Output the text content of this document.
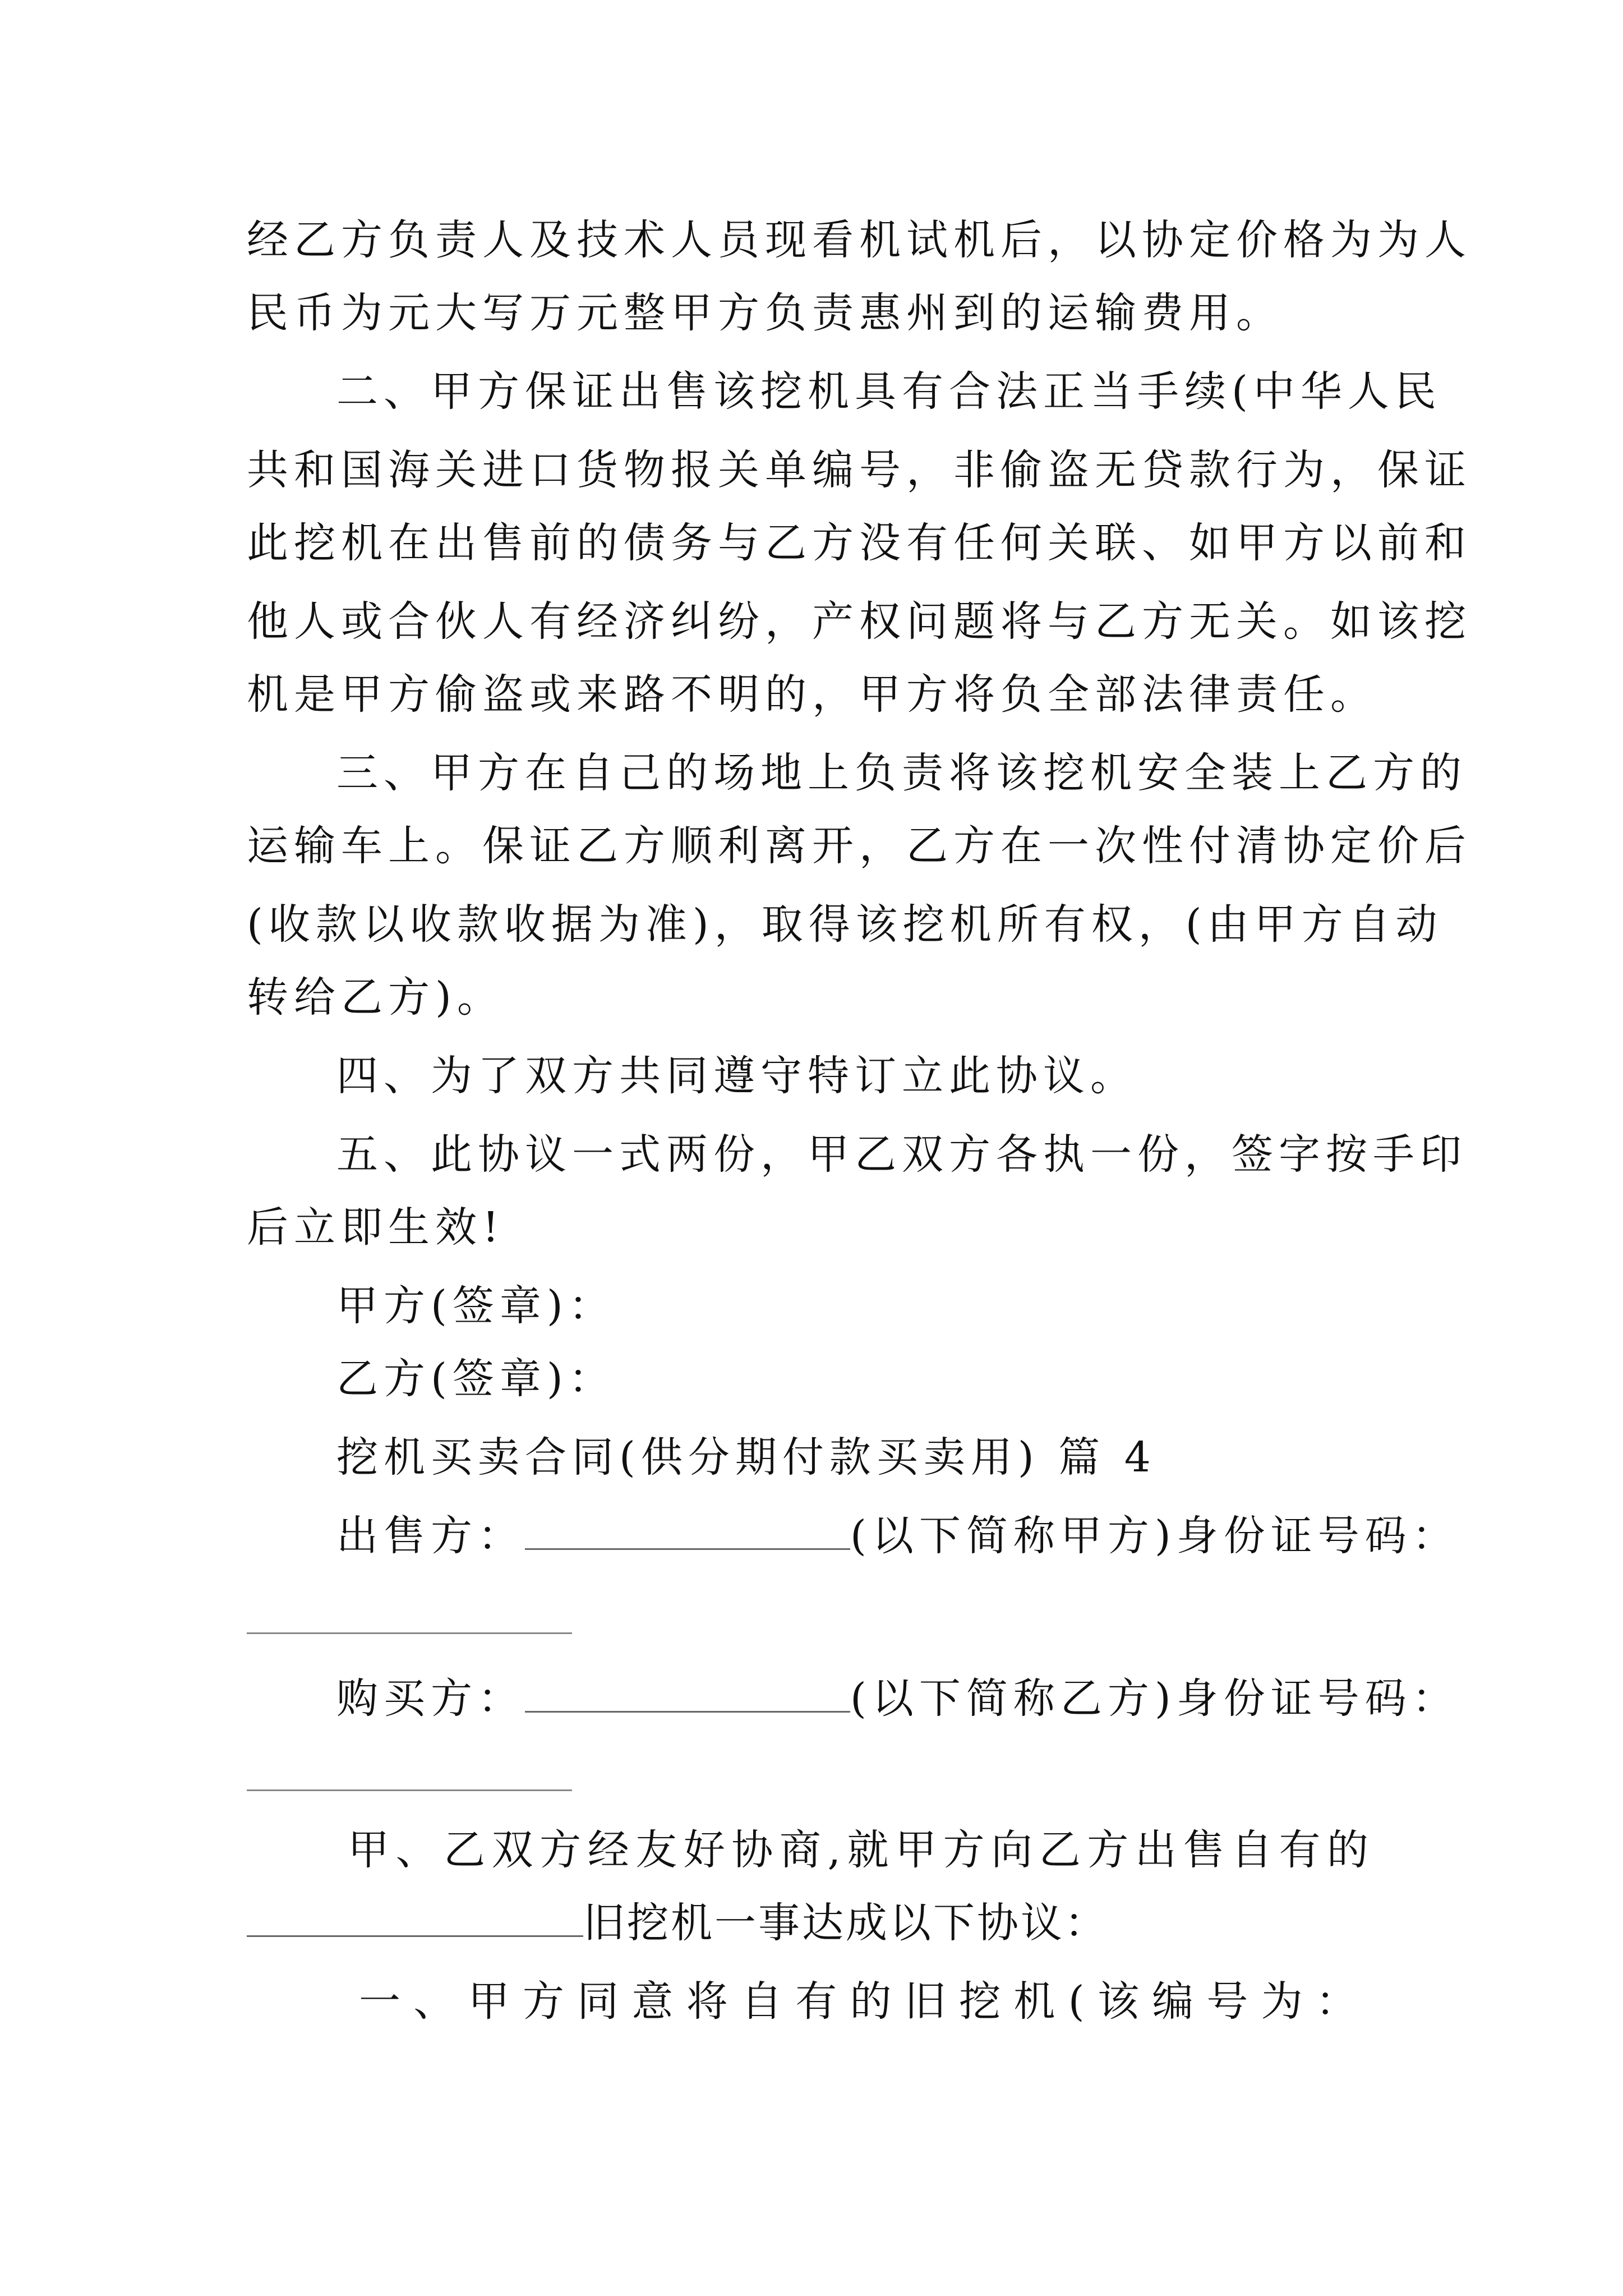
经乙方负责人及技术人员现看机试机后，以协定价格为为人
民币为元大写万元整甲方负责惠州到的运输费用。
二、甲方保证出售该挖机具有合法正当手续(中华人民
共和国海关进口货物报关单编号，非偷盗无贷款行为，保证
此挖机在出售前的债务与乙方没有任何关联、如甲方以前和
他人或合伙人有经济纠纷，产权问题将与乙方无关。如该挖
机是甲方偷盗或来路不明的，甲方将负全部法律责任。
三、甲方在自己的场地上负责将该挖机安全装上乙方的
运输车上。保证乙方顺利离开，乙方在一次性付清协定价后
(收款以收款收据为准)，取得该挖机所有权，(由甲方自动
转给乙方)。
四、为了双方共同遵守特订立此协议。
五、此协议一式两份，甲乙双方各执一份，签字按手印
后立即生效!
甲方(签章)：
乙方(签章)：
挖机买卖合同(供分期付款买卖用) 篇 4
出售方：	(以下简称甲方)身份证号码：
购买方：	(以下简称乙方)身份证号码：
甲、乙双方经友好协商,就甲方向乙方出售自有的
旧挖机一事达成以下协议：
一、甲方同意将自有的旧挖机(该编号为：
